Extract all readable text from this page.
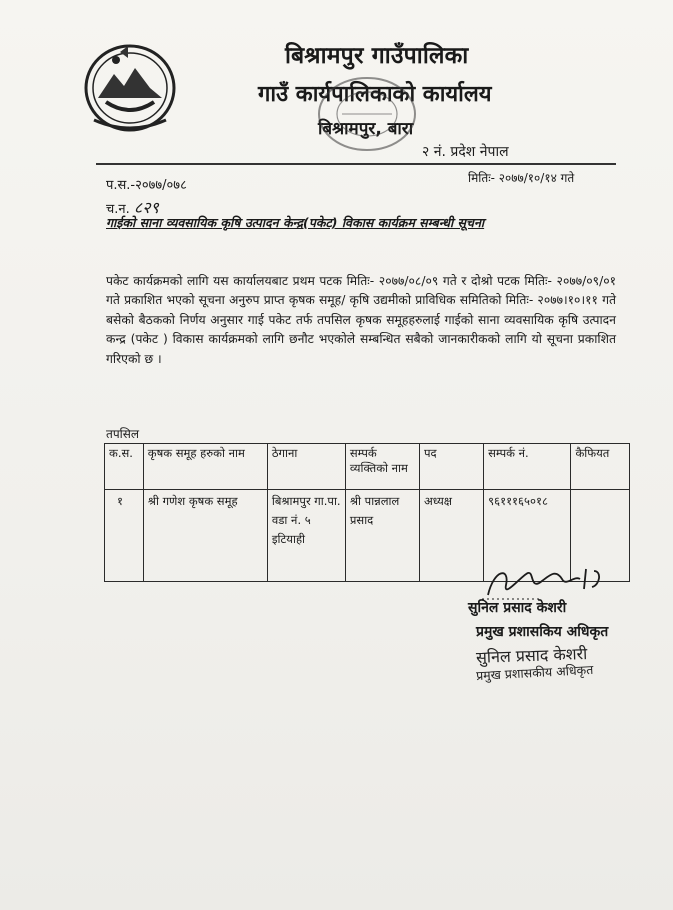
बिश्रामपुर गाउँपालिका
गाउँ कार्यपालिकाको कार्यालय
बिश्रामपुर, बारा
२ नं. प्रदेश नेपाल
प.स.-२०७७/०७८	मितिः- २०७७/१०/१४ गते
च.न. ८२९
गाईको साना व्यवसायिक कृषि उत्पादन केन्द्र(पकेट) विकास कार्यक्रम सम्बन्धी सूचना
पकेट कार्यक्रमको लागि यस कार्यालयबाट प्रथम पटक मितिः- २०७७/०८/०९ गते र दोश्रो पटक मितिः- २०७७/०९/०१ गते प्रकाशित भएको सूचना अनुरुप प्राप्त कृषक समूह/ कृषि उद्यमीको प्राविधिक समितिको मितिः- २०७७।१०।११ गते बसेको बैठकको निर्णय अनुसार गाई पकेट तर्फ तपसिल कृषक समूहहरुलाई गाईको साना व्यवसायिक कृषि उत्पादन कन्द्र (पकेट ) विकास कार्यक्रमको लागि छनौट भएकोले सम्बन्धित सबैको जानकारीकको लागि यो सूचना प्रकाशित गरिएको छ ।
तपसिल
क.स.	कृषक समूह हरुको नाम	ठेगाना	सम्पर्क व्यक्तिको नाम	पद	सम्पर्क नं.	कैफियत
१	श्री गणेश कृषक समूह	बिश्रामपुर गा.पा. वडा नं. ५ इटियाही	श्री पान्नलाल प्रसाद	अध्यक्ष	९६१११६५०१८	
सुनिल प्रसाद केशरी
प्रमुख प्रशासकिय अधिकृत
सुनिल प्रसाद केशरी
प्रमुख प्रशासकीय अधिकृत
